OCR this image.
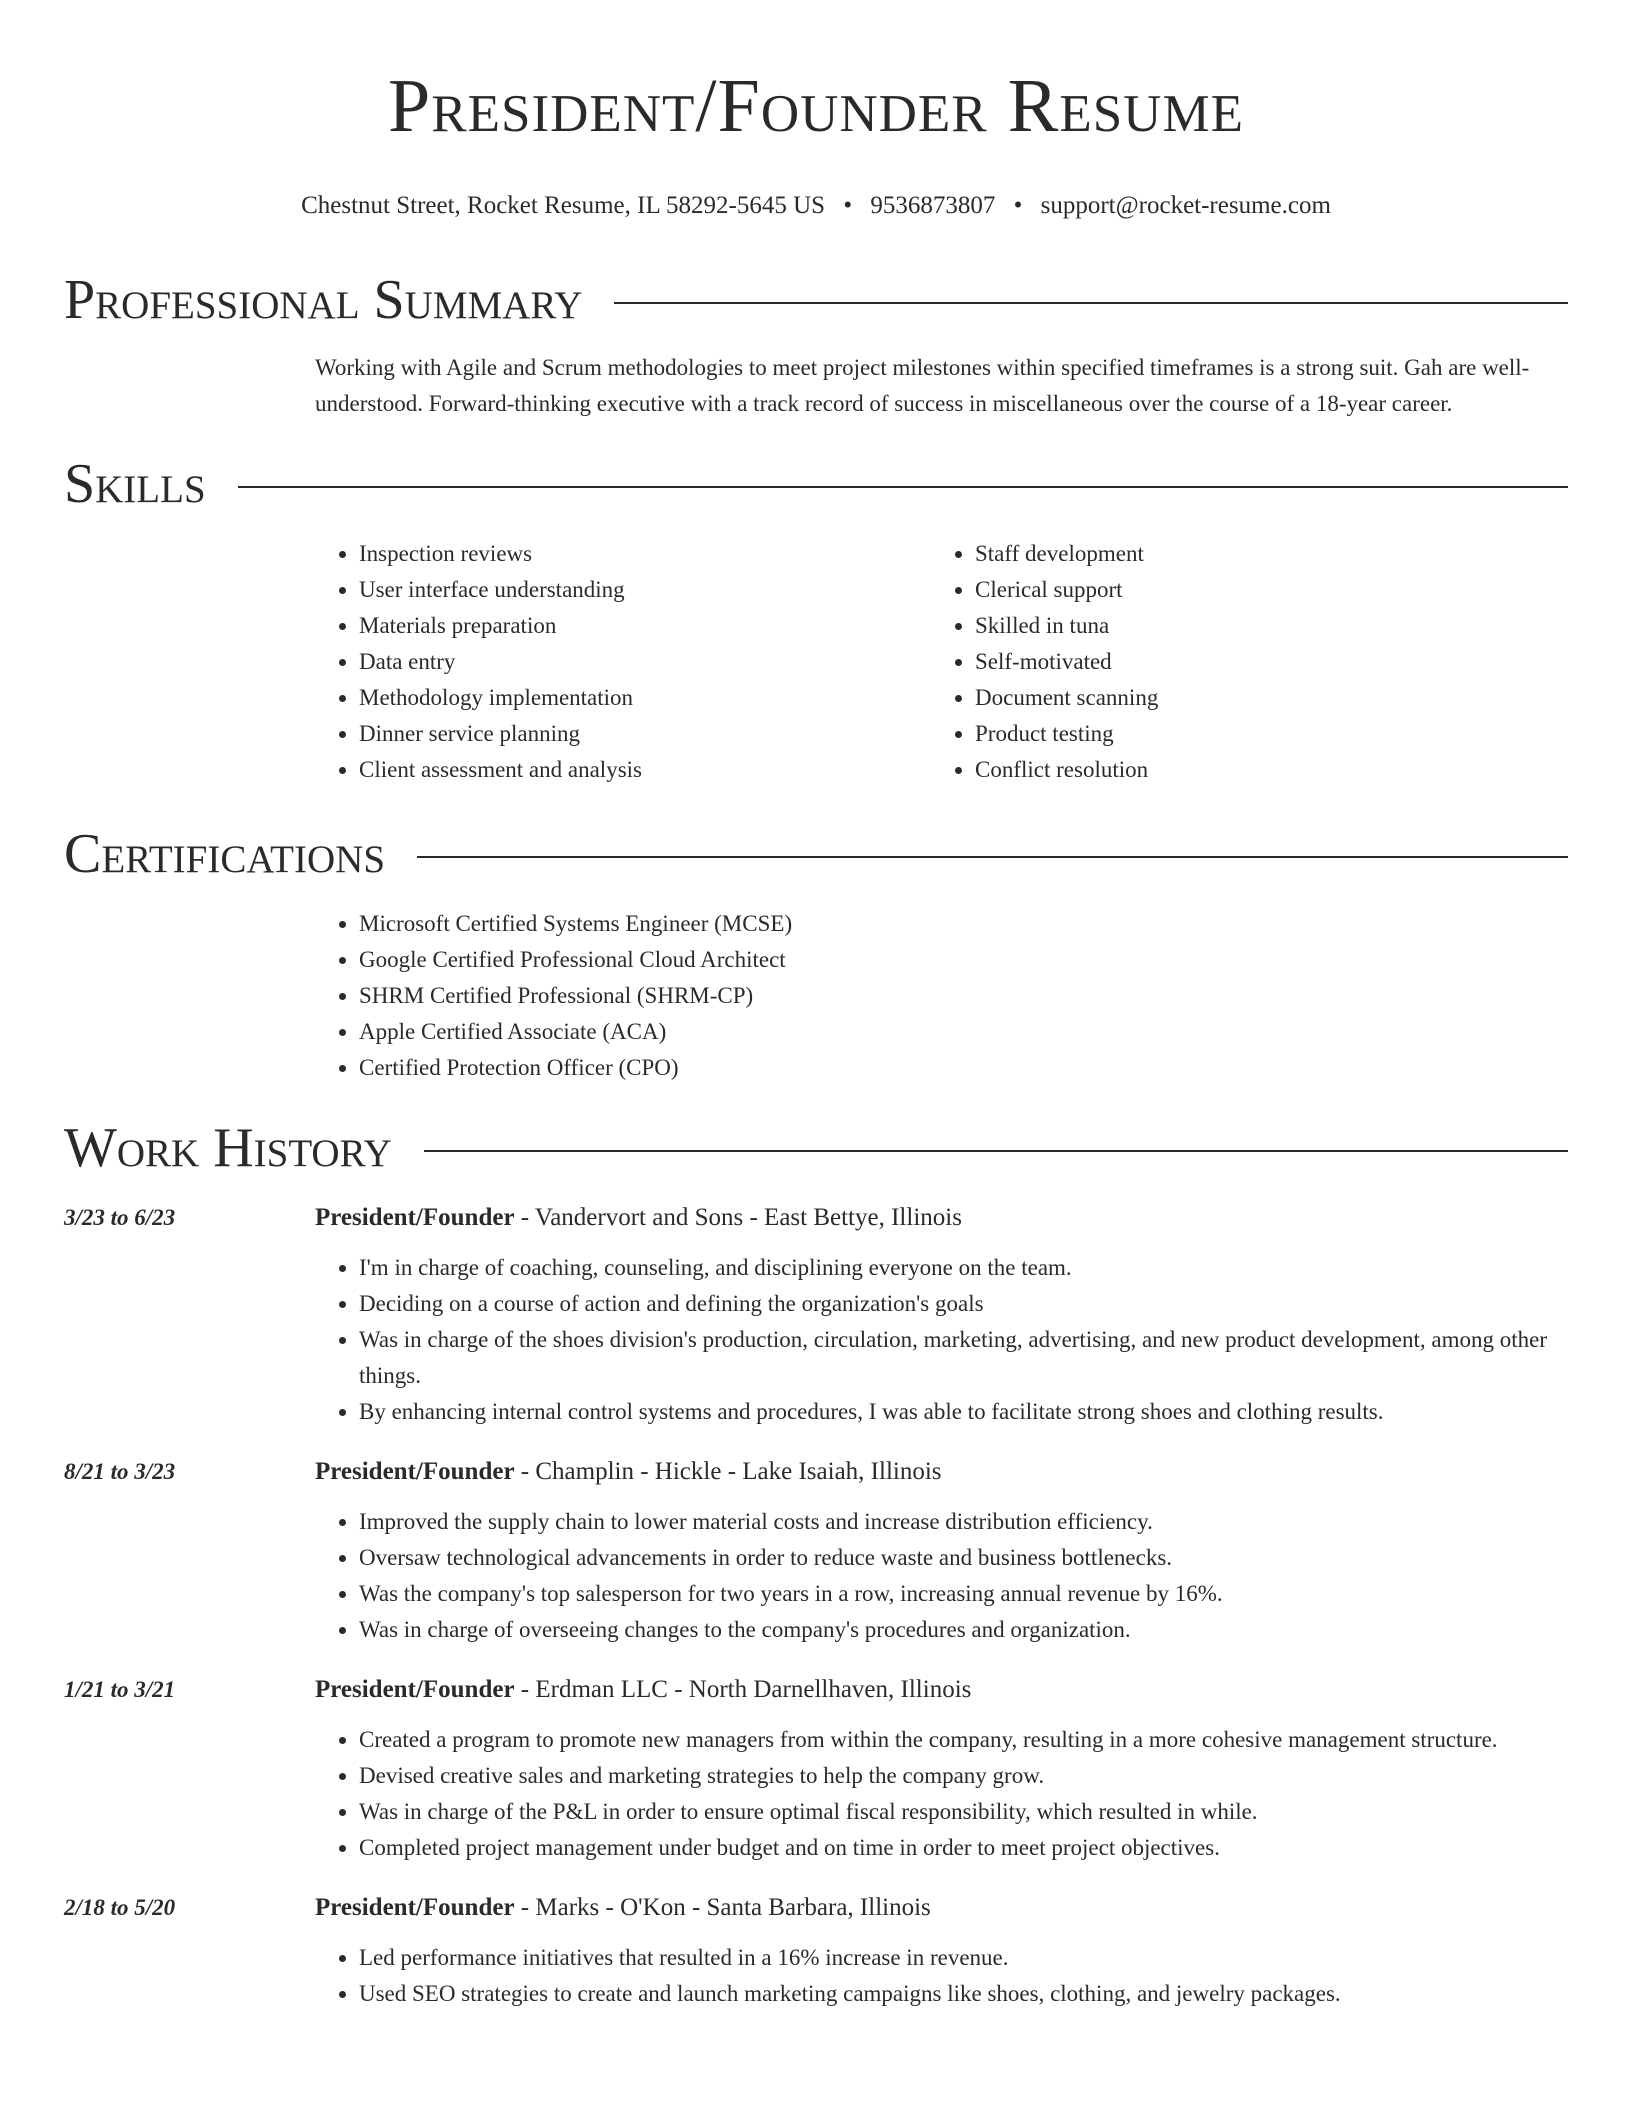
President/Founder Resume
Chestnut Street, Rocket Resume, IL 58292-5645 US • 9536873807 • support@rocket-resume.com
Professional Summary
Working with Agile and Scrum methodologies to meet project milestones within specified timeframes is a strong suit. Gah are well-understood. Forward-thinking executive with a track record of success in miscellaneous over the course of a 18-year career.
Skills
• Inspection reviews
• User interface understanding
• Materials preparation
• Data entry
• Methodology implementation
• Dinner service planning
• Client assessment and analysis
• Staff development
• Clerical support
• Skilled in tuna
• Self-motivated
• Document scanning
• Product testing
• Conflict resolution
Certifications
• Microsoft Certified Systems Engineer (MCSE)
• Google Certified Professional Cloud Architect
• SHRM Certified Professional (SHRM-CP)
• Apple Certified Associate (ACA)
• Certified Protection Officer (CPO)
Work History
3/23 to 6/23	President/Founder - Vandervort and Sons - East Bettye, Illinois
• I'm in charge of coaching, counseling, and disciplining everyone on the team.
• Deciding on a course of action and defining the organization's goals
• Was in charge of the shoes division's production, circulation, marketing, advertising, and new product development, among other things.
• By enhancing internal control systems and procedures, I was able to facilitate strong shoes and clothing results.
8/21 to 3/23	President/Founder - Champlin - Hickle - Lake Isaiah, Illinois
• Improved the supply chain to lower material costs and increase distribution efficiency.
• Oversaw technological advancements in order to reduce waste and business bottlenecks.
• Was the company's top salesperson for two years in a row, increasing annual revenue by 16%.
• Was in charge of overseeing changes to the company's procedures and organization.
1/21 to 3/21	President/Founder - Erdman LLC - North Darnellhaven, Illinois
• Created a program to promote new managers from within the company, resulting in a more cohesive management structure.
• Devised creative sales and marketing strategies to help the company grow.
• Was in charge of the P&L in order to ensure optimal fiscal responsibility, which resulted in while.
• Completed project management under budget and on time in order to meet project objectives.
2/18 to 5/20	President/Founder - Marks - O'Kon - Santa Barbara, Illinois
• Led performance initiatives that resulted in a 16% increase in revenue.
• Used SEO strategies to create and launch marketing campaigns like shoes, clothing, and jewelry packages.
